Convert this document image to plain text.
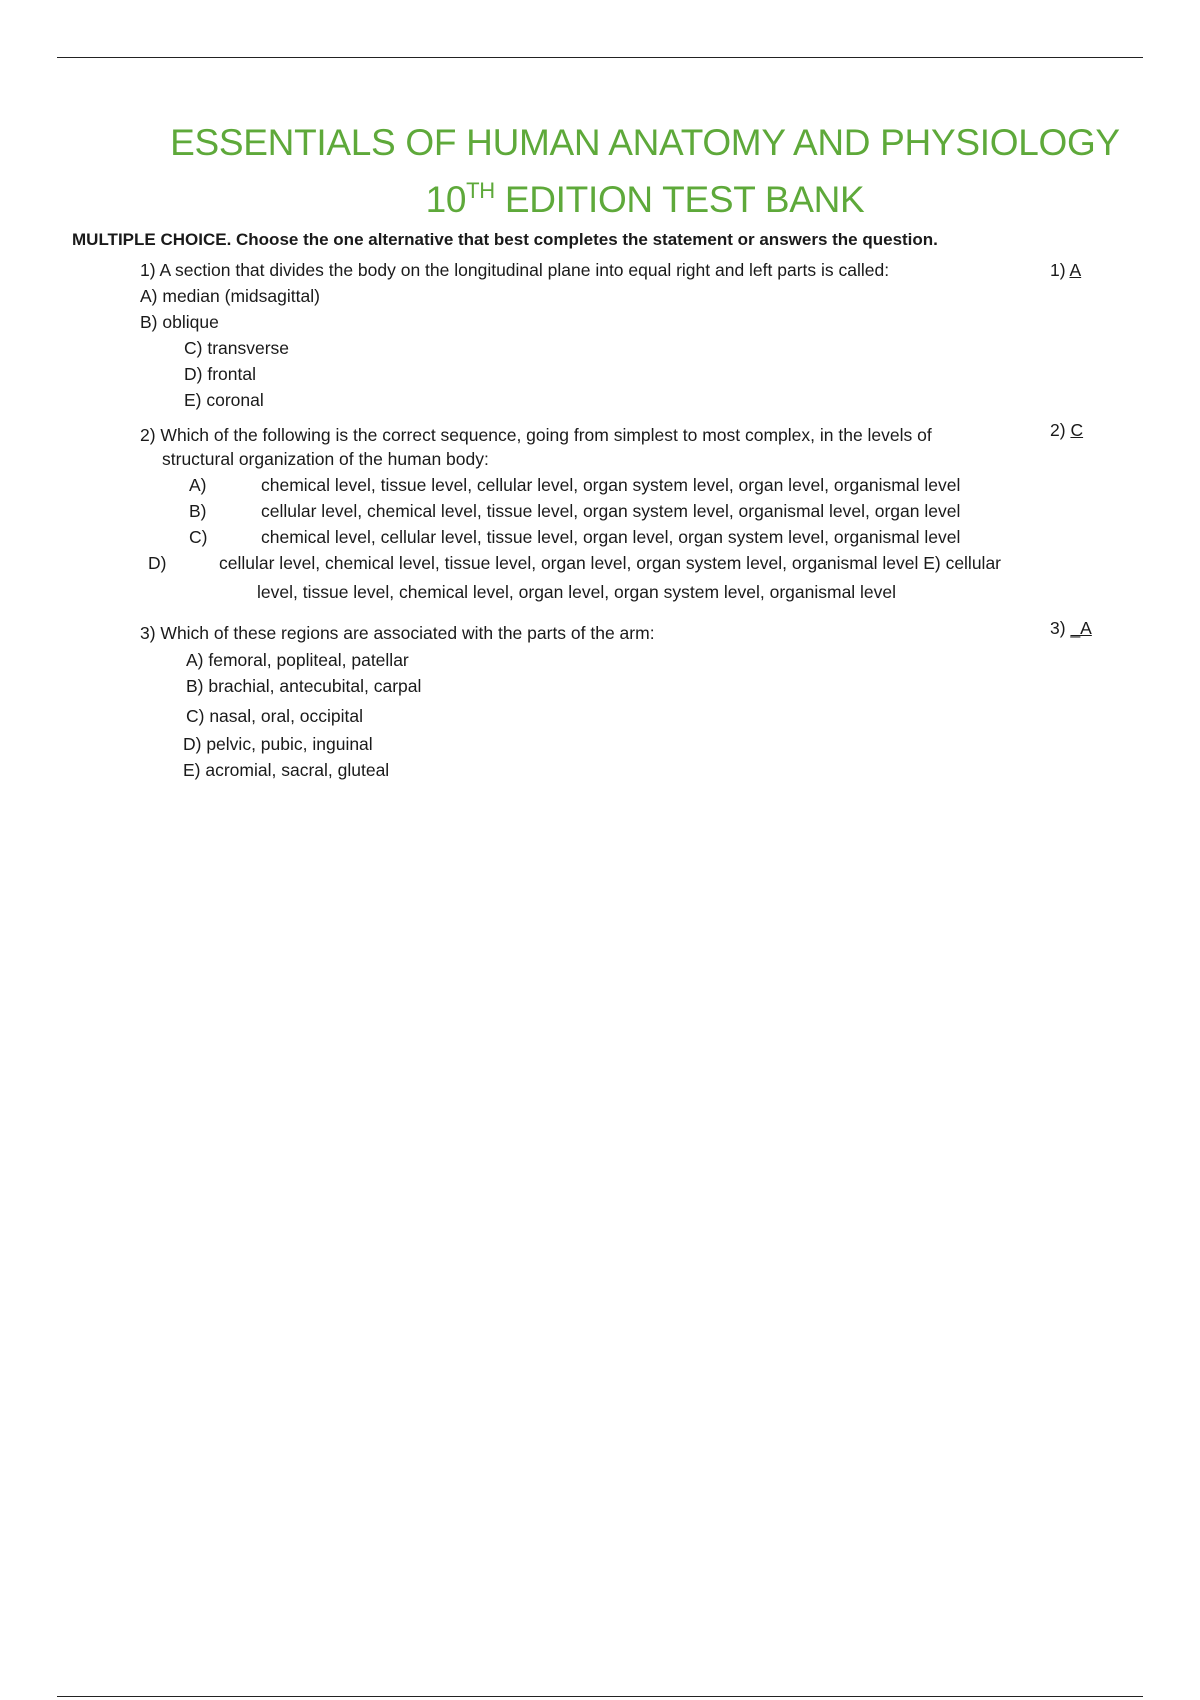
ESSENTIALS OF HUMAN ANATOMY AND PHYSIOLOGY
10TH EDITION TEST BANK
MULTIPLE CHOICE. Choose the one alternative that best completes the statement or answers the question.
1) A section that divides the body on the longitudinal plane into equal right and left parts is called:	1) A
A) median (midsagittal)
B) oblique
C) transverse
D) frontal
E) coronal
2) Which of the following is the correct sequence, going from simplest to most complex, in the levels of
structural organization of the human body:
2) C
A)	chemical level, tissue level, cellular level, organ system level, organ level, organismal level
B)	cellular level, chemical level, tissue level, organ system level, organismal level, organ level
C)	chemical level, cellular level, tissue level, organ level, organ system level, organismal level
D)	cellular level, chemical level, tissue level, organ level, organ system level, organismal level E) cellular
level, tissue level, chemical level, organ level, organ system level, organismal level
3) Which of these regions are associated with the parts of the arm:	3) _A
A) femoral, popliteal, patellar
B) brachial, antecubital, carpal
C) nasal, oral, occipital
D) pelvic, pubic, inguinal
E) acromial, sacral, gluteal
